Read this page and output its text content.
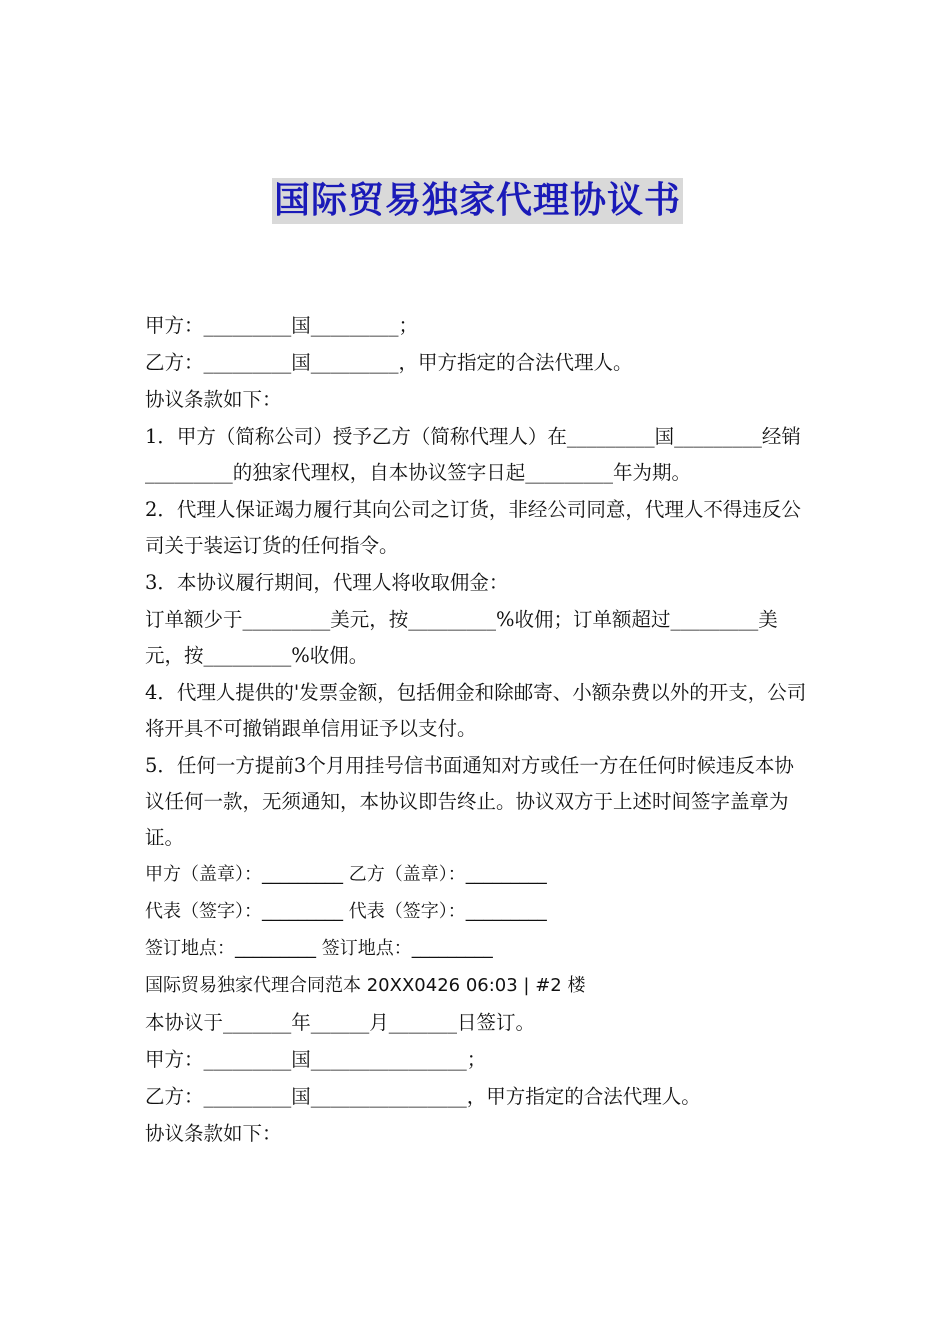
国际贸易独家代理协议书

甲方：_________国_________；

乙方：_________国_________，甲方指定的合法代理人。

协议条款如下：

1．甲方（简称公司）授予乙方（简称代理人）在_________国_________经销_________的独家代理权，自本协议签字日起_________年为期。

2．代理人保证竭力履行其向公司之订货，非经公司同意，代理人不得违反公司关于装运订货的任何指令。

3．本协议履行期间，代理人将收取佣金：

订单额少于_________美元，按_________%收佣；订单额超过_________美元，按_________%收佣。

4．代理人提供的'发票金额，包括佣金和除邮寄、小额杂费以外的开支，公司将开具不可撤销跟单信用证予以支付。

5．任何一方提前3个月用挂号信书面通知对方或任一方在任何时候违反本协议任何一款，无须通知，本协议即告终止。协议双方于上述时间签字盖章为证。

甲方（盖章）：_________ 乙方（盖章）：_________

代表（签字）：_________ 代表（签字）：_________

签订地点：_________ 签订地点：_________

国际贸易独家代理合同范本 20XX0426 06:03 | #2 楼

本协议于_______年______月_______日签订。

甲方：_________国________________；

乙方：_________国________________，甲方指定的合法代理人。

协议条款如下：
